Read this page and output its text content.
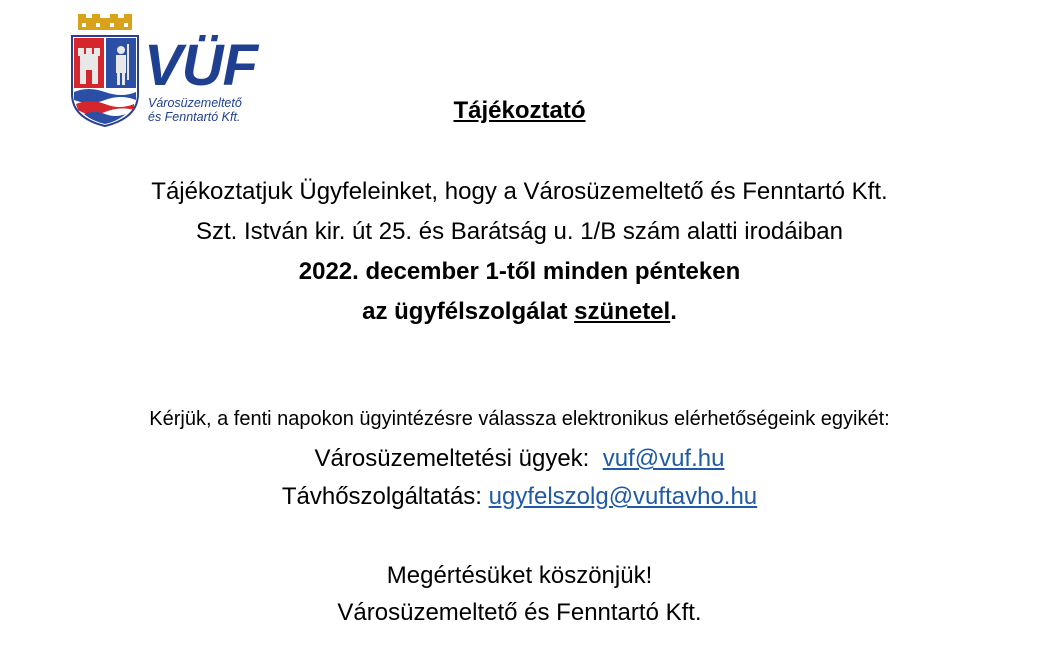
VÜF
Városüzemeltető
és Fenntartó Kft.	Tájékoztató
Tájékoztatjuk Ügyfeleinket, hogy a Városüzemeltető és Fenntartó Kft.
Szt. István kir. út 25. és Barátság u. 1/B szám alatti irodáiban
2022. december 1-től minden pénteken
az ügyfélszolgálat szünetel.
Kérjük, a fenti napokon ügyintézésre válassza elektronikus elérhetőségeink egyikét:
Városüzemeltetési ügyek:  vuf@vuf.hu
Távhőszolgáltatás: ugyfelszolg@vuftavho.hu
Megértésüket köszönjük!
Városüzemeltető és Fenntartó Kft.
